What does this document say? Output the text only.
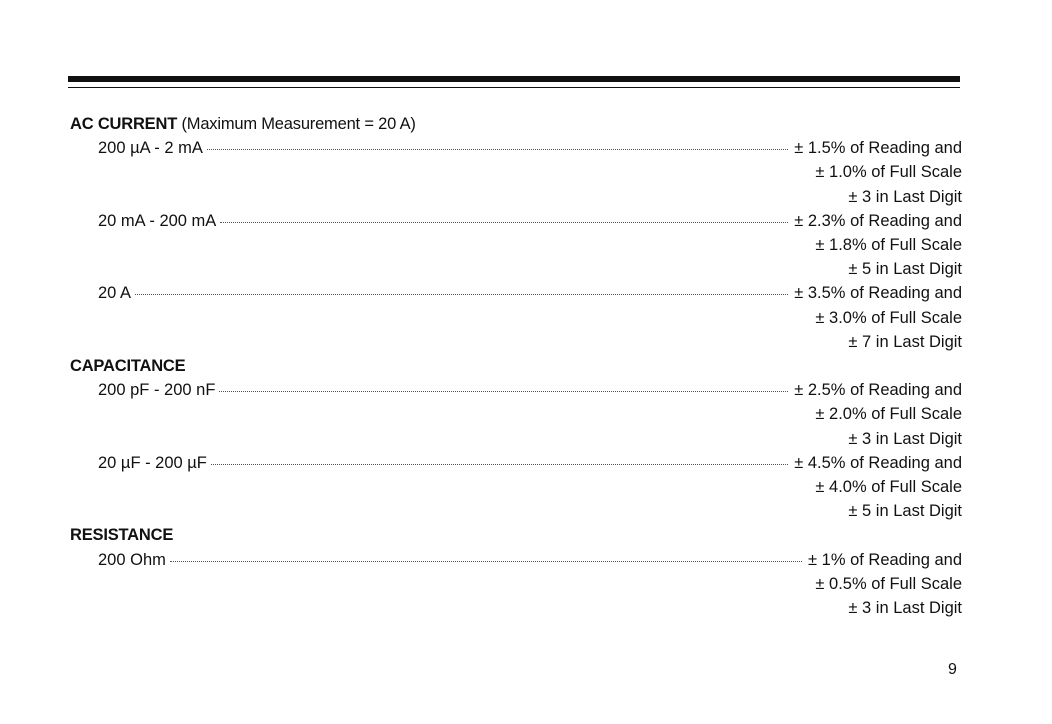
AC CURRENT (Maximum Measurement = 20 A)
200 µA - 2 mA	± 1.5% of Reading and
± 1.0% of Full Scale
± 3 in Last Digit
20 mA - 200 mA	± 2.3% of Reading and
± 1.8% of Full Scale
± 5 in Last Digit
20 A	± 3.5% of Reading and
± 3.0% of Full Scale
± 7 in Last Digit
CAPACITANCE
200 pF - 200 nF	± 2.5% of Reading and
± 2.0% of Full Scale
± 3 in Last Digit
20 µF - 200 µF	± 4.5% of Reading and
± 4.0% of Full Scale
± 5 in Last Digit
RESISTANCE
200 Ohm	± 1% of Reading and
± 0.5% of Full Scale
± 3 in Last Digit
9
